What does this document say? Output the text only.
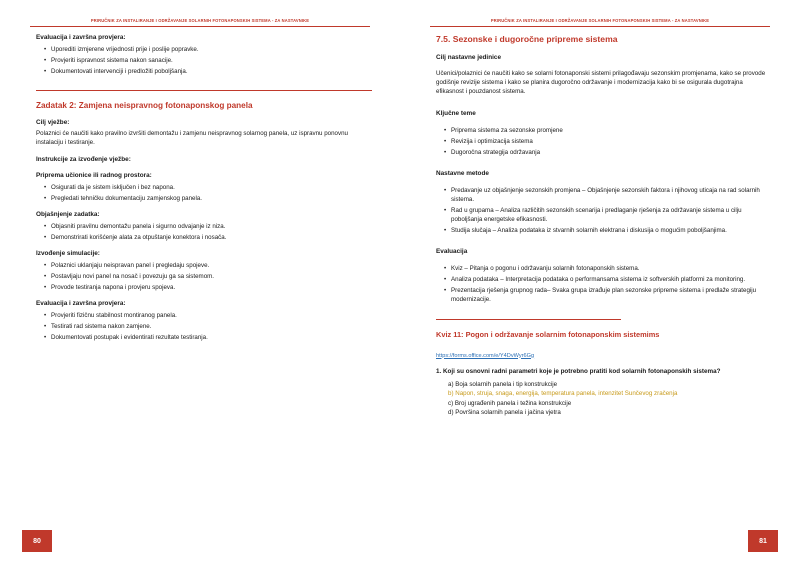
PRIRUČNIK ZA INSTALIRANJE I ODRŽAVANJE SOLARNIH FOTONAPONSKIH SISTEMA - ZA NASTAVNIKE
Evaluacija i završna provjera:
• Uporediti izmjerene vrijednosti prije i poslije popravke.
• Provjeriti ispravnost sistema nakon sanacije.
• Dokumentovati intervenciji i predložiti poboljšanja.
Zadatak 2: Zamjena neispravnog fotonaponskog panela
Cilj vježbe:

Polaznici će naučiti kako pravilno izvršiti demontažu i zamjenu neispravnog solarnog panela, uz ispravnu ponovnu instalaciju i testiranje.

Instrukcije za izvođenje vježbe:
Priprema učionice ili radnog prostora:
• Osigurati da je sistem isključen i bez napona.
• Pregledati tehničku dokumentaciju zamjenskog panela.
Objašnjenje zadatka:
• Objasniti pravilnu demontažu panela i sigurno odvajanje iz niza.
• Demonstrirati korišćenje alata za otpuštanje konektora i nosača.
Izvođenje simulacije:
• Polaznici uklanjaju neispravan panel i pregledaju spojeve.
• Postavljaju novi panel na nosač i povezuju ga sa sistemom.
• Provode testiranja napona i provjeru spojeva.
Evaluacija i završna provjera:
• Provjeriti fizičnu stabilnost montiranog panela.
• Testirati rad sistema nakon zamjene.
• Dokumentovati postupak i evidentirati rezultate testiranja.
80
PRIRUČNIK ZA INSTALIRANJE I ODRŽAVANJE SOLARNIH FOTONAPONSKIH SISTEMA - ZA NASTAVNIKE
7.5. Sezonske i dugoročne pripreme sistema
Cilj nastavne jedinice

Učenici/polaznici će naučiti kako se solarni fotonaponski sistemi prilagođavaju sezonskim promjenama, kako se provode godišnje revizije sistema i kako se planira dugoročno održavanje i modernizacija kako bi se osigurala dugotrajna efikasnost i pouzdanost sistema.

Ključne teme
• Priprema sistema za sezonske promjene
• Revizija i optimizacija sistema
• Dugoročna strategija održavanja
Nastavne metode
• Predavanje uz objašnjenje sezonskih promjena – Objašnjenje sezonskih faktora i njihovog uticaja na rad solarnih sistema.
• Rad u grupama – Analiza različitih sezonskih scenarija i predlaganje rješenja za održavanje sistema u cilju poboljšanja energetske efikasnosti.
• Studija slučaja – Analiza podataka iz stvarnih solarnih elektrana i diskusija o mogućim poboljšanjima.
Evaluacija
• Kviz – Pitanja o pogonu i održavanju solarnih fotonaponskih sistema.
• Analiza podataka – Interpretacija podataka o performansama sistema iz softverskih platformi za monitoring.
• Prezentacija rješenja grupnog rada– Svaka grupa izrađuje plan sezonske pripreme sistema i predlaže strategiju modernizacije.
Kviz 11: Pogon i održavanje solarnim fotonaponskim sistemims
https://forms.office.com/e/Y4DvWyr6Gg
1. Koji su osnovni radni parametri koje je potrebno pratiti kod solarnih fotonaponskih sistema?
a) Boja solarnih panela i tip konstrukcije
b) Napon, struja, snaga, energija, temperatura panela, intenzitet Sunčevog zračenja
c) Broj ugrađenih panela i težina konstrukcije
d) Površina solarnih panela i jačina vjetra
81
